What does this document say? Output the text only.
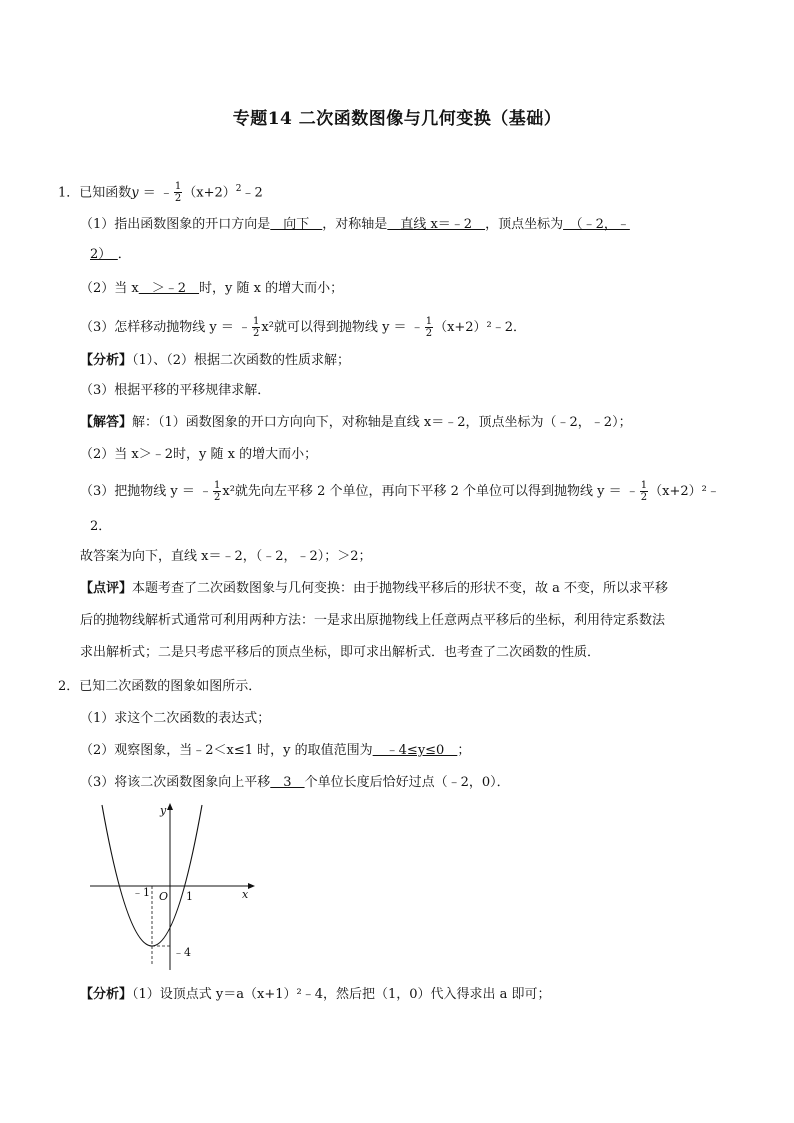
专题14 二次函数图像与几何变换（基础）
1．已知函数y ＝ ﹣ $\frac{1}{2}$ $(x+2)^2﹣2$
（1）指出函数图象的开口方向是　向下　，对称轴是　直线 x＝﹣2　，顶点坐标为　（﹣2，﹣
2）　．
（2）当 x　＞﹣2　时，y 随 x 的增大而小；
（3）怎样移动抛物线 y ＝ ﹣ $\frac{1}{2} x^2$就可以得到抛物线 y ＝ ﹣ $\frac{1}{2}$ （x+2）²﹣2．
【分析】（1）、（2）根据二次函数的性质求解；
（3）根据平移的平移规律求解．
【解答】解：（1）函数图象的开口方向向下，对称轴是直线 x＝﹣2，顶点坐标为（﹣2，﹣2）；
（2）当 x＞﹣2时，y 随 x 的增大而小；
（3）把抛物线 y ＝ ﹣ $\frac{1}{2} x^2$就先向左平移 2 个单位，再向下平移 2 个单位可以得到抛物线 y ＝ ﹣ $\frac{1}{2}$ （x+2）²﹣
2．
故答案为向下，直线 x＝﹣2，（﹣2，﹣2）；＞2；
【点评】本题考查了二次函数图象与几何变换：由于抛物线平移后的形状不变，故 a 不变，所以求平移
后的抛物线解析式通常可利用两种方法：一是求出原抛物线上任意两点平移后的坐标，利用待定系数法
求出解析式；二是只考虑平移后的顶点坐标，即可求出解析式．也考查了二次函数的性质．
2．已知二次函数的图象如图所示．
（1）求这个二次函数的表达式；
（2）观察图象，当﹣2＜x≤1 时，y 的取值范围为　﹣4≤y≤0　；
（3）将该二次函数图象向上平移　3　个单位长度后恰好过点（﹣2，0）．
y
x
O
﹣1	1
﹣4
【分析】（1）设顶点式 y＝a（x+1）²﹣4，然后把（1，0）代入得求出 a 即可；
